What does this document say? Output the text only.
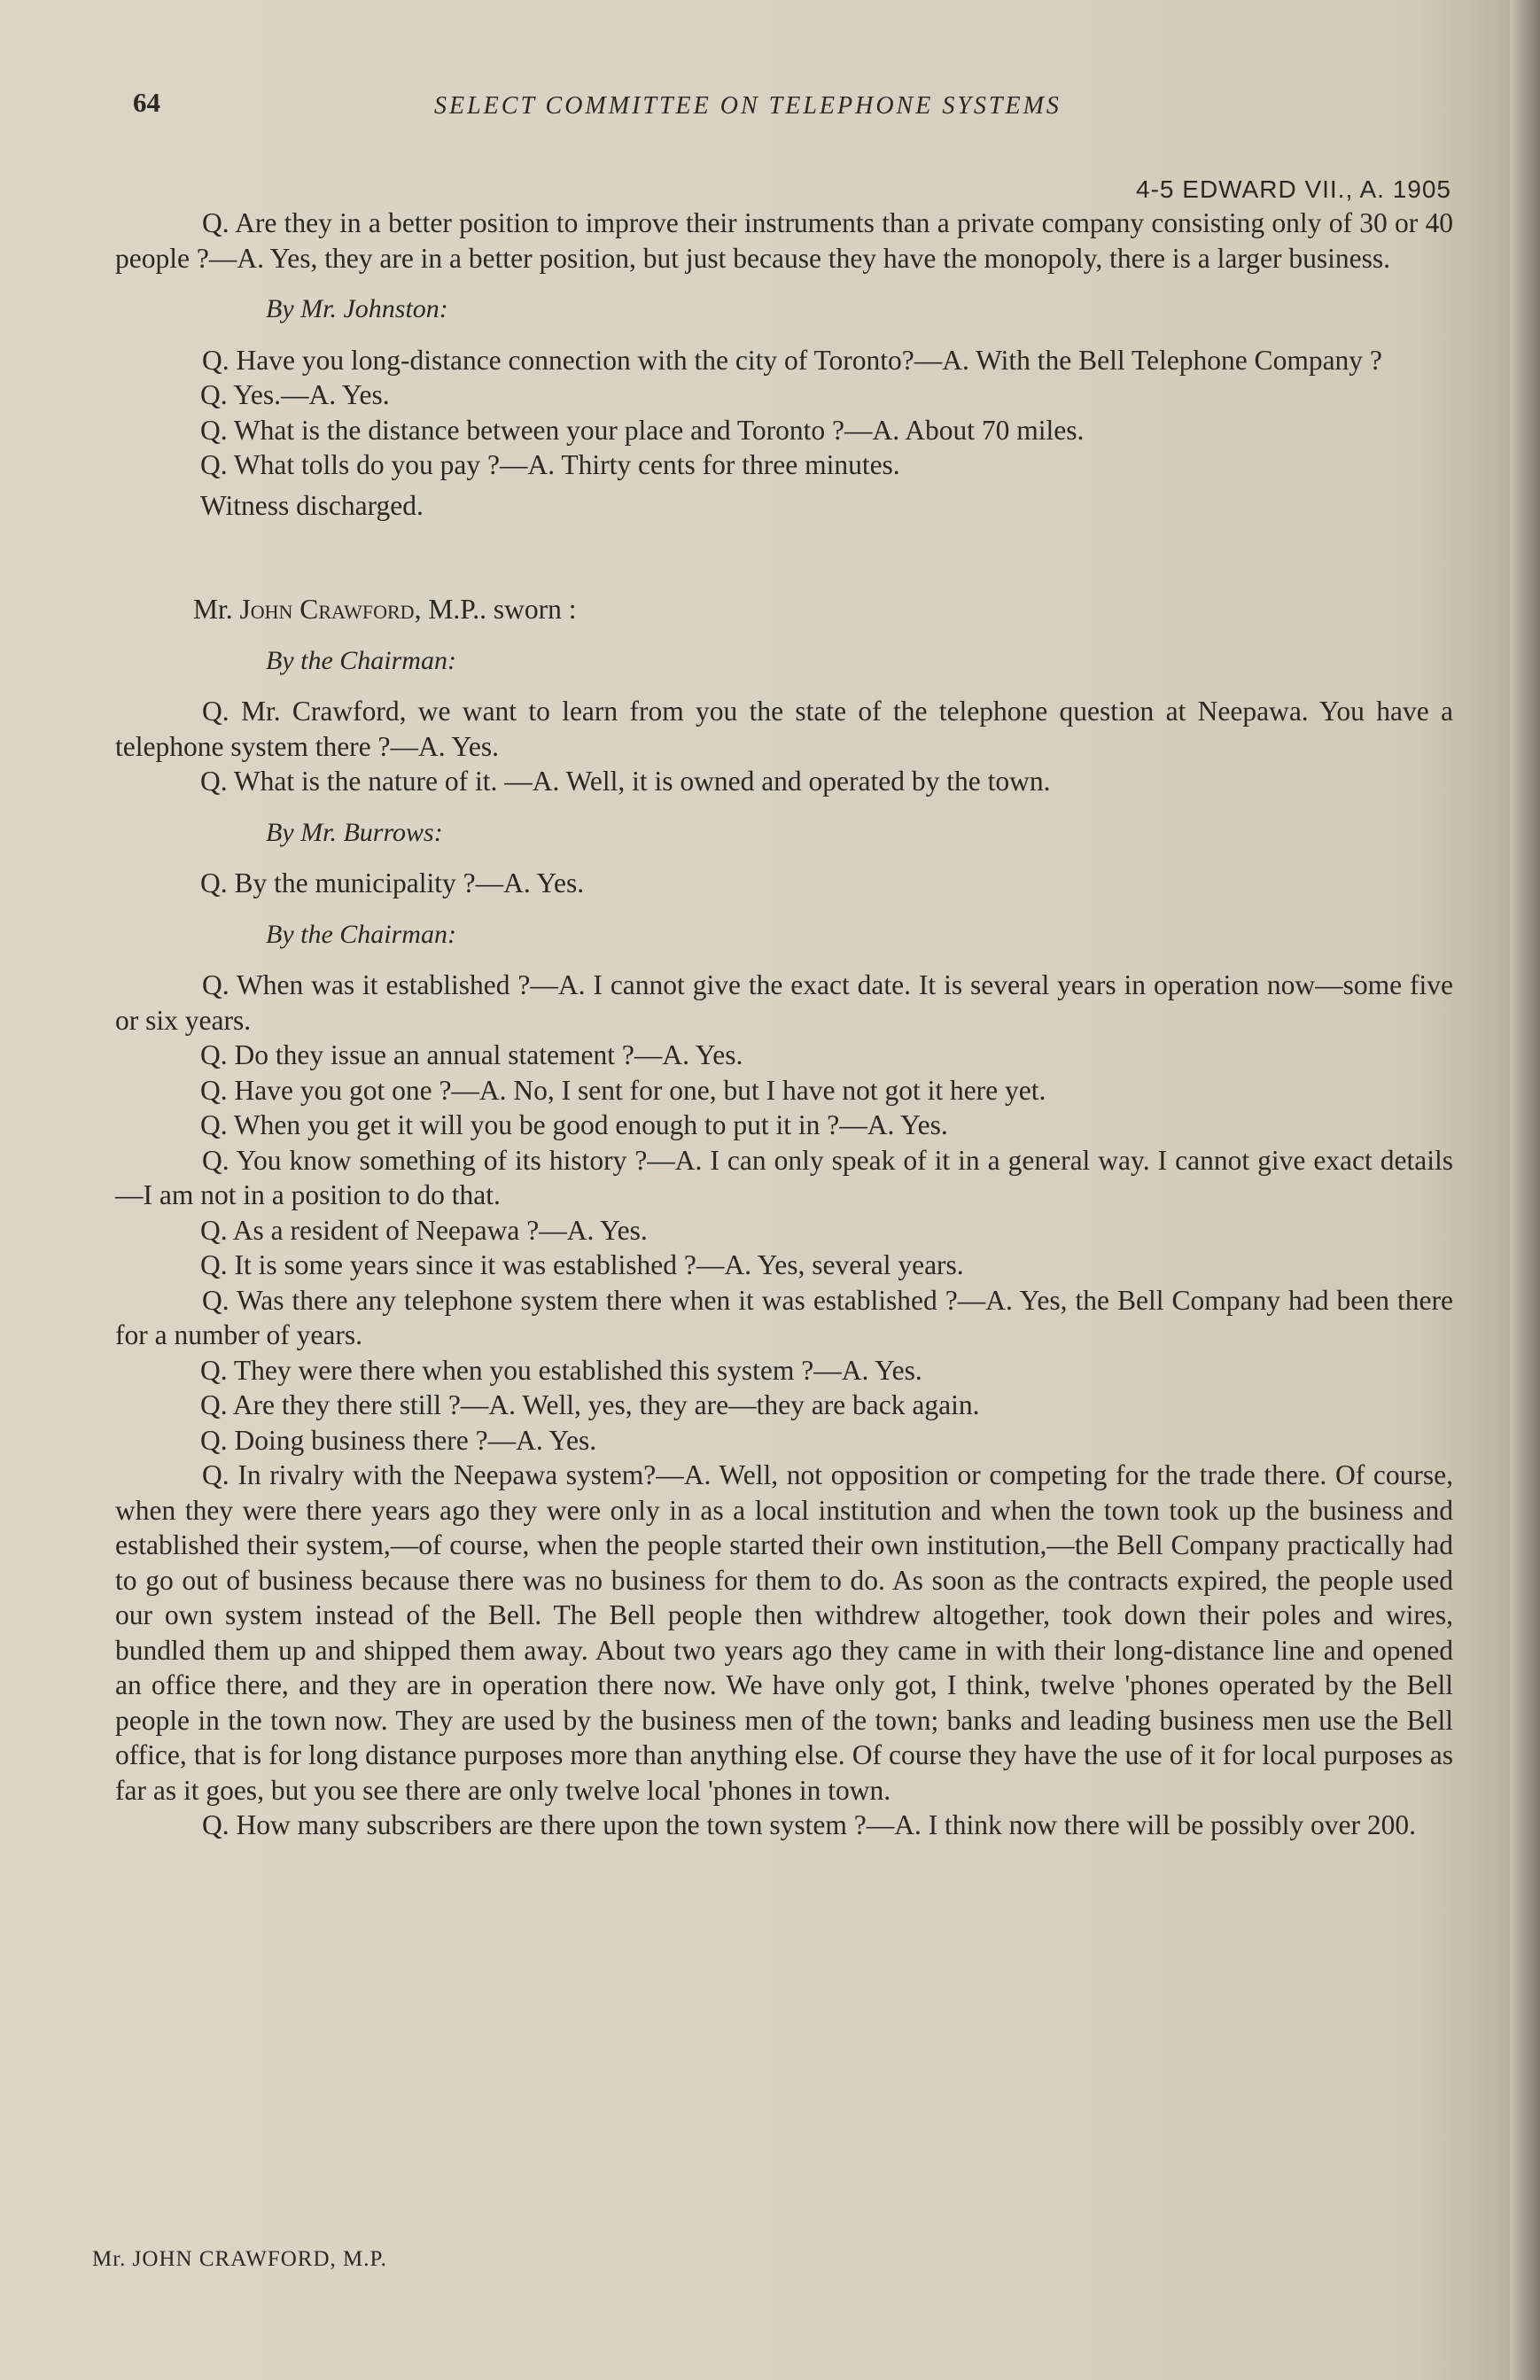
64	SELECT COMMITTEE ON TELEPHONE SYSTEMS
4-5 EDWARD VII., A. 1905

Q. Are they in a better position to improve their instruments than a private company consisting only of 30 or 40 people ?—A. Yes, they are in a better position, but just because they have the monopoly, there is a larger business.

By Mr. Johnston:

Q. Have you long-distance connection with the city of Toronto?—A. With the Bell Telephone Company ?

Q. Yes.—A. Yes.

Q. What is the distance between your place and Toronto ?—A. About 70 miles.

Q. What tolls do you pay ?—A. Thirty cents for three minutes.

Witness discharged.

Mr. John Crawford, M.P.. sworn :

By the Chairman:

Q. Mr. Crawford, we want to learn from you the state of the telephone question at Neepawa. You have a telephone system there ?—A. Yes.

Q. What is the nature of it. —A. Well, it is owned and operated by the town.

By Mr. Burrows:

Q. By the municipality ?—A. Yes.

By the Chairman:

Q. When was it established ?—A. I cannot give the exact date. It is several years in operation now—some five or six years.

Q. Do they issue an annual statement ?—A. Yes.

Q. Have you got one ?—A. No, I sent for one, but I have not got it here yet.

Q. When you get it will you be good enough to put it in ?—A. Yes.

Q. You know something of its history ?—A. I can only speak of it in a general way. I cannot give exact details—I am not in a position to do that.

Q. As a resident of Neepawa ?—A. Yes.

Q. It is some years since it was established ?—A. Yes, several years.

Q. Was there any telephone system there when it was established ?—A. Yes, the Bell Company had been there for a number of years.

Q. They were there when you established this system ?—A. Yes.

Q. Are they there still ?—A. Well, yes, they are—they are back again.

Q. Doing business there ?—A. Yes.

Q. In rivalry with the Neepawa system?—A. Well, not opposition or competing for the trade there. Of course, when they were there years ago they were only in as a local institution and when the town took up the business and established their system,—of course, when the people started their own institution,—the Bell Company practically had to go out of business because there was no business for them to do. As soon as the contracts expired, the people used our own system instead of the Bell. The Bell people then withdrew altogether, took down their poles and wires, bundled them up and shipped them away. About two years ago they came in with their long-distance line and opened an office there, and they are in operation there now. We have only got, I think, twelve 'phones operated by the Bell people in the town now. They are used by the business men of the town; banks and leading business men use the Bell office, that is for long distance purposes more than anything else. Of course they have the use of it for local purposes as far as it goes, but you see there are only twelve local 'phones in town.

Q. How many subscribers are there upon the town system ?—A. I think now there will be possibly over 200.

Mr. JOHN CRAWFORD, M.P.
